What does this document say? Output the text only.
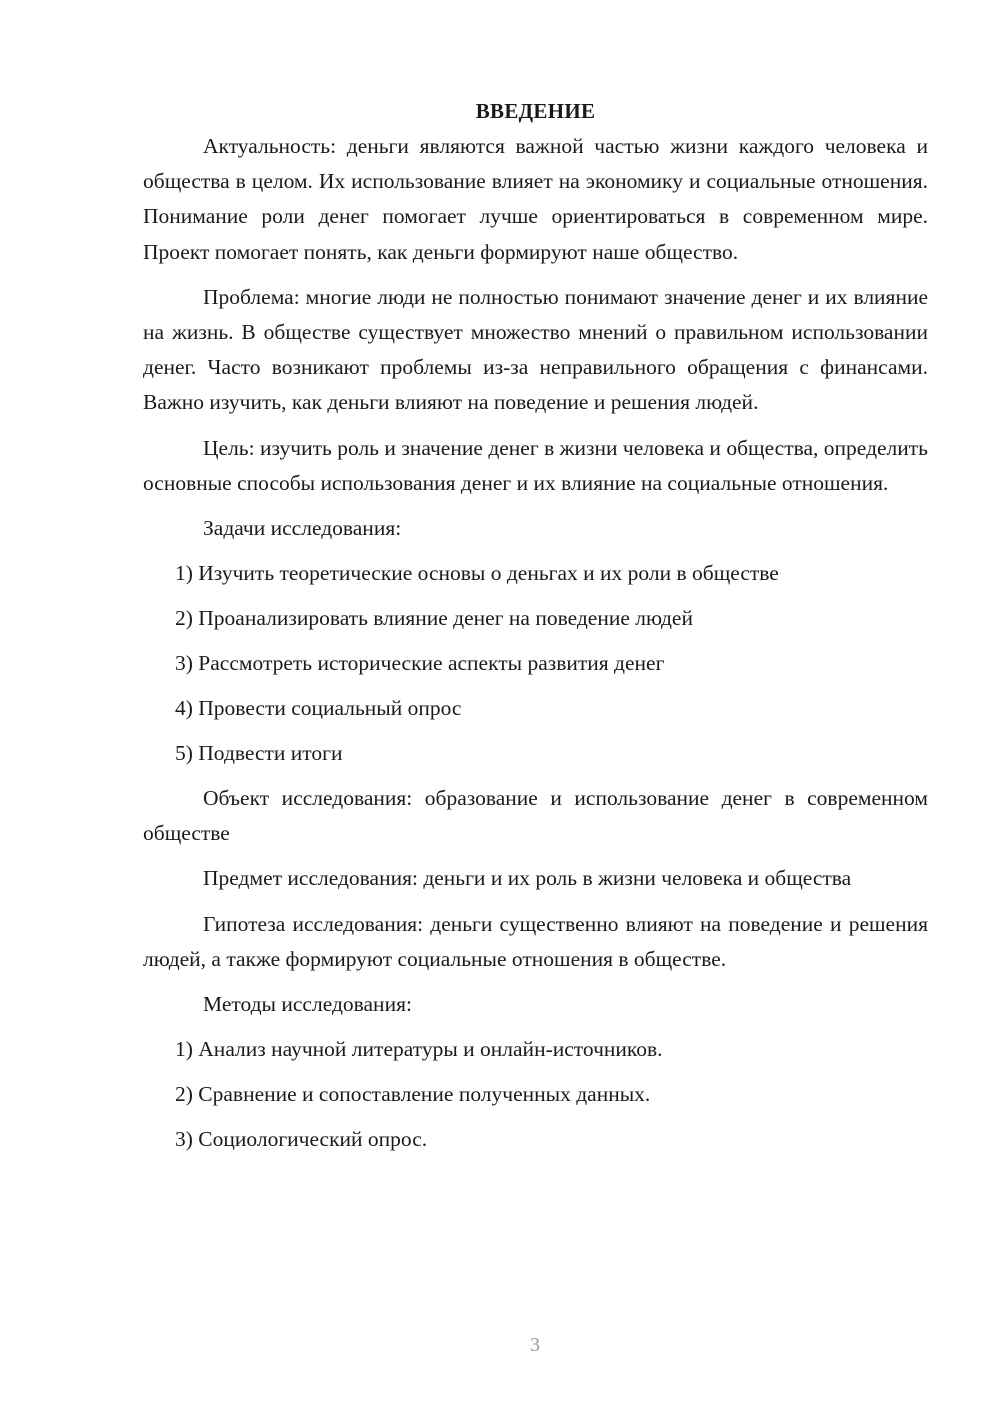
ВВЕДЕНИЕ

Актуальность: деньги являются важной частью жизни каждого человека и общества в целом. Их использование влияет на экономику и социальные отношения. Понимание роли денег помогает лучше ориентироваться в современном мире. Проект помогает понять, как деньги формируют наше общество.

Проблема: многие люди не полностью понимают значение денег и их влияние на жизнь. В обществе существует множество мнений о правильном использовании денег. Часто возникают проблемы из-за неправильного обращения с финансами. Важно изучить, как деньги влияют на поведение и решения людей.

Цель: изучить роль и значение денег в жизни человека и общества, определить основные способы использования денег и их влияние на социальные отношения.

Задачи исследования:
1) Изучить теоретические основы о деньгах и их роли в обществе
2) Проанализировать влияние денег на поведение людей
3) Рассмотреть исторические аспекты развития денег
4) Провести социальный опрос
5) Подвести итоги

Объект исследования: образование и использование денег в современном обществе

Предмет исследования: деньги и их роль в жизни человека и общества

Гипотеза исследования: деньги существенно влияют на поведение и решения людей, а также формируют социальные отношения в обществе.

Методы исследования:
1) Анализ научной литературы и онлайн-источников.
2) Сравнение и сопоставление полученных данных.
3) Социологический опрос.
3
